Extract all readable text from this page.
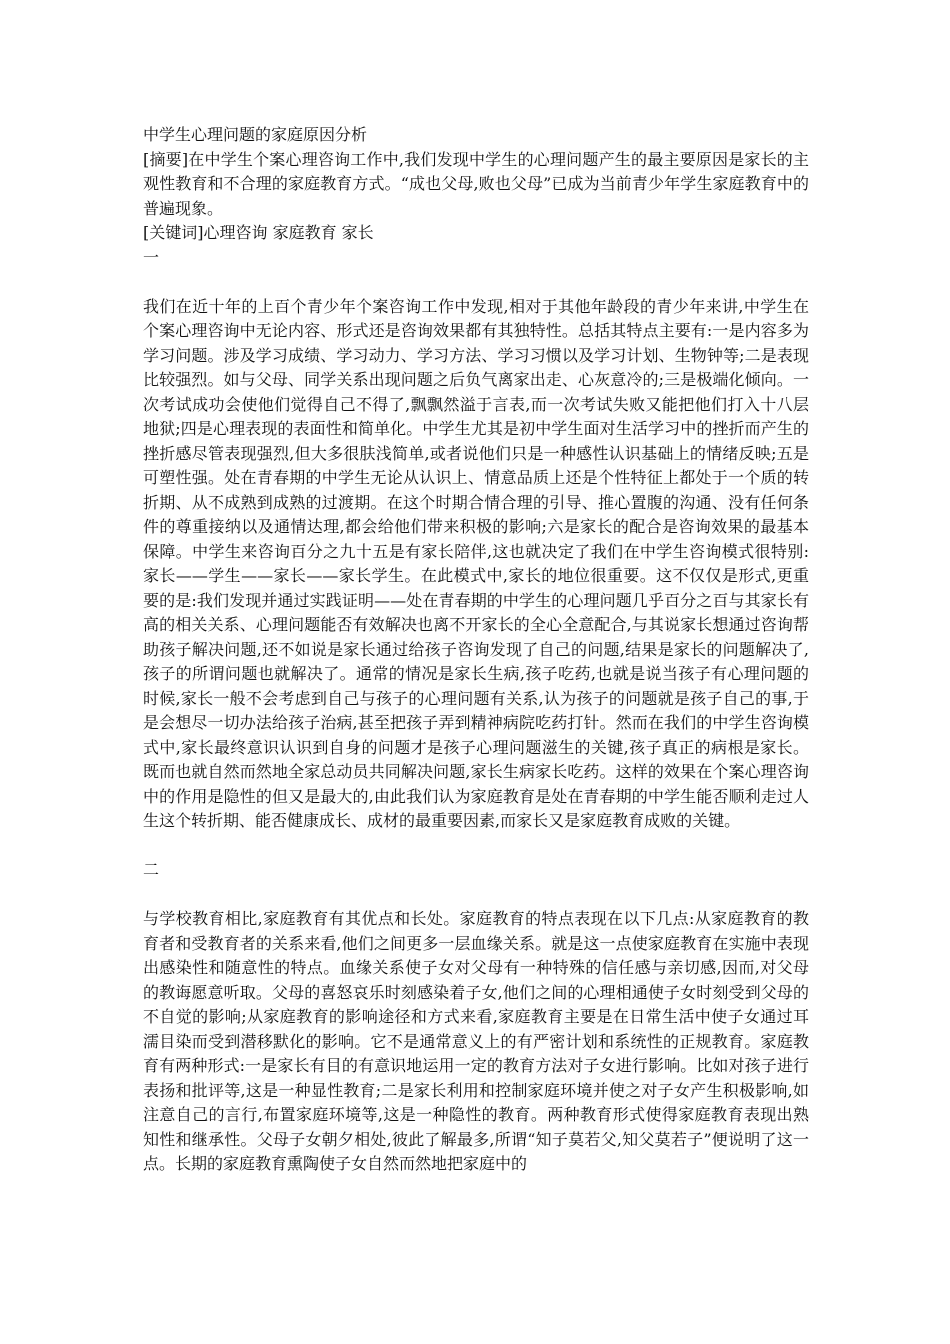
中学生心理问题的家庭原因分析

[摘要]在中学生个案心理咨询工作中,我们发现中学生的心理问题产生的最主要原因是家长的主观性教育和不合理的家庭教育方式。“成也父母,败也父母”已成为当前青少年学生家庭教育中的普遍现象。

[关键词]心理咨询 家庭教育 家长

一

我们在近十年的上百个青少年个案咨询工作中发现,相对于其他年龄段的青少年来讲,中学生在个案心理咨询中无论内容、形式还是咨询效果都有其独特性。总括其特点主要有:一是内容多为学习问题。涉及学习成绩、学习动力、学习方法、学习习惯以及学习计划、生物钟等;二是表现比较强烈。如与父母、同学关系出现问题之后负气离家出走、心灰意冷的;三是极端化倾向。一次考试成功会使他们觉得自己不得了,飘飘然溢于言表,而一次考试失败又能把他们打入十八层地狱;四是心理表现的表面性和简单化。中学生尤其是初中学生面对生活学习中的挫折而产生的挫折感尽管表现强烈,但大多很肤浅简单,或者说他们只是一种感性认识基础上的情绪反映;五是可塑性强。处在青春期的中学生无论从认识上、情意品质上还是个性特征上都处于一个质的转折期、从不成熟到成熟的过渡期。在这个时期合情合理的引导、推心置腹的沟通、没有任何条件的尊重接纳以及通情达理,都会给他们带来积极的影响;六是家长的配合是咨询效果的最基本保障。中学生来咨询百分之九十五是有家长陪伴,这也就决定了我们在中学生咨询模式很特别:家长——学生——家长——家长学生。在此模式中,家长的地位很重要。这不仅仅是形式,更重要的是:我们发现并通过实践证明——处在青春期的中学生的心理问题几乎百分之百与其家长有高的相关关系、心理问题能否有效解决也离不开家长的全心全意配合,与其说家长想通过咨询帮助孩子解决问题,还不如说是家长通过给孩子咨询发现了自己的问题,结果是家长的问题解决了,孩子的所谓问题也就解决了。通常的情况是家长生病,孩子吃药,也就是说当孩子有心理问题的时候,家长一般不会考虑到自己与孩子的心理问题有关系,认为孩子的问题就是孩子自己的事,于是会想尽一切办法给孩子治病,甚至把孩子弄到精神病院吃药打针。然而在我们的中学生咨询模式中,家长最终意识认识到自身的问题才是孩子心理问题滋生的关键,孩子真正的病根是家长。既而也就自然而然地全家总动员共同解决问题,家长生病家长吃药。这样的效果在个案心理咨询中的作用是隐性的但又是最大的,由此我们认为家庭教育是处在青春期的中学生能否顺利走过人生这个转折期、能否健康成长、成材的最重要因素,而家长又是家庭教育成败的关键。

二

与学校教育相比,家庭教育有其优点和长处。家庭教育的特点表现在以下几点:从家庭教育的教育者和受教育者的关系来看,他们之间更多一层血缘关系。就是这一点使家庭教育在实施中表现出感染性和随意性的特点。血缘关系使子女对父母有一种特殊的信任感与亲切感,因而,对父母的教诲愿意听取。父母的喜怒哀乐时刻感染着子女,他们之间的心理相通使子女时刻受到父母的不自觉的影响;从家庭教育的影响途径和方式来看,家庭教育主要是在日常生活中使子女通过耳濡目染而受到潜移默化的影响。它不是通常意义上的有严密计划和系统性的正规教育。家庭教育有两种形式:一是家长有目的有意识地运用一定的教育方法对子女进行影响。比如对孩子进行表扬和批评等,这是一种显性教育;二是家长利用和控制家庭环境并使之对子女产生积极影响,如注意自己的言行,布置家庭环境等,这是一种隐性的教育。两种教育形式使得家庭教育表现出熟知性和继承性。父母子女朝夕相处,彼此了解最多,所谓“知子莫若父,知父莫若子”便说明了这一点。长期的家庭教育熏陶使子女自然而然地把家庭中的
